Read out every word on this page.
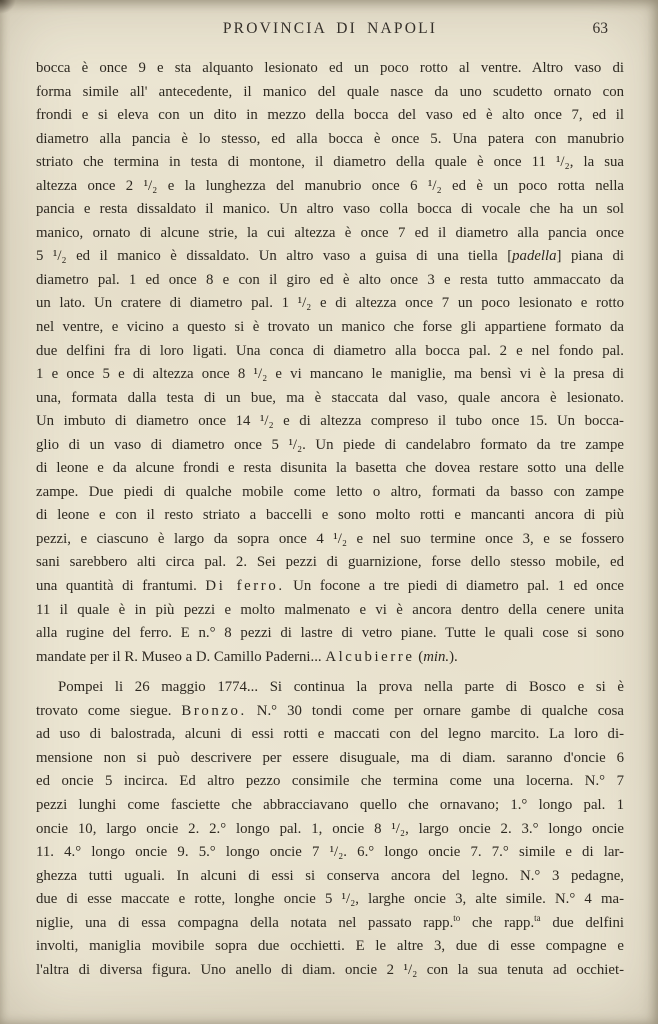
PROVINCIA DI NAPOLI	63
bocca è once 9 e sta alquanto lesionato ed un poco rotto al ventre. Altro vaso di
forma simile all' antecedente, il manico del quale nasce da uno scudetto ornato con
frondi e si eleva con un dito in mezzo della bocca del vaso ed è alto once 7, ed il
diametro alla pancia è lo stesso, ed alla bocca è once 5. Una patera con manubrio
striato che termina in testa di montone, il diametro della quale è once 11 ¹/₂, la sua
altezza once 2 ¹/₂ e la lunghezza del manubrio once 6 ¹/₂ ed è un poco rotta nella
pancia e resta dissaldato il manico. Un altro vaso colla bocca di vocale che ha un sol
manico, ornato di alcune strie, la cui altezza è once 7 ed il diametro alla pancia once
5 ¹/₂ ed il manico è dissaldato. Un altro vaso a guisa di una tiella [padella] piana di
diametro pal. 1 ed once 8 e con il giro ed è alto once 3 e resta tutto ammaccato da
un lato. Un cratere di diametro pal. 1 ¹/₂ e di altezza once 7 un poco lesionato e rotto
nel ventre, e vicino a questo si è trovato un manico che forse gli appartiene formato da
due delfini fra di loro ligati. Una conca di diametro alla bocca pal. 2 e nel fondo pal.
1 e once 5 e di altezza once 8 ¹/₂ e vi mancano le maniglie, ma bensì vi è la presa di
una, formata dalla testa di un bue, ma è staccata dal vaso, quale ancora è lesionato.
Un imbuto di diametro once 14 ¹/₂ e di altezza compreso il tubo once 15. Un bocca-
glio di un vaso di diametro once 5 ¹/₂. Un piede di candelabro formato da tre zampe
di leone e da alcune frondi e resta disunita la basetta che dovea restare sotto una delle
zampe. Due piedi di qualche mobile come letto o altro, formati da basso con zampe
di leone e con il resto striato a baccelli e sono molto rotti e mancanti ancora di più
pezzi, e ciascuno è largo da sopra once 4 ¹/₂ e nel suo termine once 3, e se fossero
sani sarebbero alti circa pal. 2. Sei pezzi di guarnizione, forse dello stesso mobile, ed
una quantità di frantumi. Di ferro. Un focone a tre piedi di diametro pal. 1 ed once
11 il quale è in più pezzi e molto malmenato e vi è ancora dentro della cenere unita
alla rugine del ferro. E n.° 8 pezzi di lastre di vetro piane. Tutte le quali cose si sono
mandate per il R. Museo a D. Camillo Paderni... Alcubierre (min.).
Pompei li 26 maggio 1774... Si continua la prova nella parte di Bosco e si è
trovato come siegue. Bronzo. N.° 30 tondi come per ornare gambe di qualche cosa
ad uso di balostrada, alcuni di essi rotti e maccati con del legno marcito. La loro di-
mensione non si può descrivere per essere disuguale, ma di diam. saranno d'oncie 6
ed oncie 5 incirca. Ed altro pezzo consimile che termina come una locerna. N.° 7
pezzi lunghi come fasciette che abbracciavano quello che ornavano; 1.° longo pal. 1
oncie 10, largo oncie 2. 2.° longo pal. 1, oncie 8 ¹/₂, largo oncie 2. 3.° longo oncie
11. 4.° longo oncie 9. 5.° longo oncie 7 ¹/₂. 6.° longo oncie 7. 7.° simile e di lar-
ghezza tutti uguali. In alcuni di essi si conserva ancora del legno. N.° 3 pedagne,
due di esse maccate e rotte, longhe oncie 5 ¹/₂, larghe oncie 3, alte simile. N.° 4 ma-
niglie, una di essa compagna della notata nel passato rapp.$^{to}$ che rapp.$^{ta}$ due delfini
involti, maniglia movibile sopra due occhietti. E le altre 3, due di esse compagne e
l'altra di diversa figura. Uno anello di diam. oncie 2 ¹/₂ con la sua tenuta ad occhiet-
